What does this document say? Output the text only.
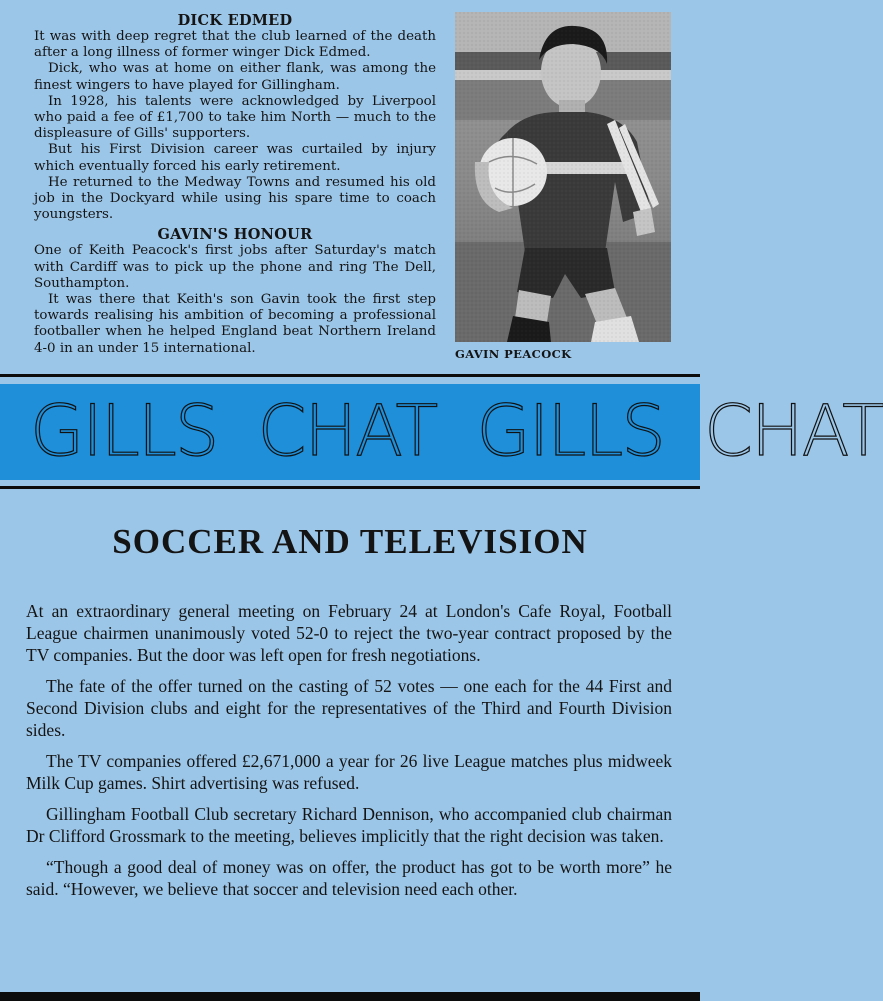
DICK EDMED

It was with deep regret that the club learned of the death after a long illness of former winger Dick Edmed.

Dick, who was at home on either flank, was among the finest wingers to have played for Gillingham.

In 1928, his talents were acknowledged by Liverpool who paid a fee of £1,700 to take him North — much to the displeasure of Gills' supporters.

But his First Division career was curtailed by injury which eventually forced his early retirement.

He returned to the Medway Towns and resumed his old job in the Dockyard while using his spare time to coach youngsters.

GAVIN'S HONOUR

One of Keith Peacock's first jobs after Saturday's match with Cardiff was to pick up the phone and ring The Dell, Southampton.

It was there that Keith's son Gavin took the first step towards realising his ambition of becoming a professional footballer when he helped England beat Northern Ireland 4-0 in an under 15 international.	GAVIN PEACOCK
GILLS CHAT GILLS CHAT
SOCCER AND TELEVISION

At an extraordinary general meeting on February 24 at London's Cafe Royal, Football League chairmen unanimously voted 52-0 to reject the two-year contract proposed by the TV companies. But the door was left open for fresh negotiations.

The fate of the offer turned on the casting of 52 votes — one each for the 44 First and Second Division clubs and eight for the representatives of the Third and Fourth Division sides.

The TV companies offered £2,671,000 a year for 26 live League matches plus midweek Milk Cup games. Shirt advertising was refused.

Gillingham Football Club secretary Richard Dennison, who accompanied club chairman Dr Clifford Grossmark to the meeting, believes implicitly that the right decision was taken.

“Though a good deal of money was on offer, the product has got to be worth more” he said. “However, we believe that soccer and television need each other.
